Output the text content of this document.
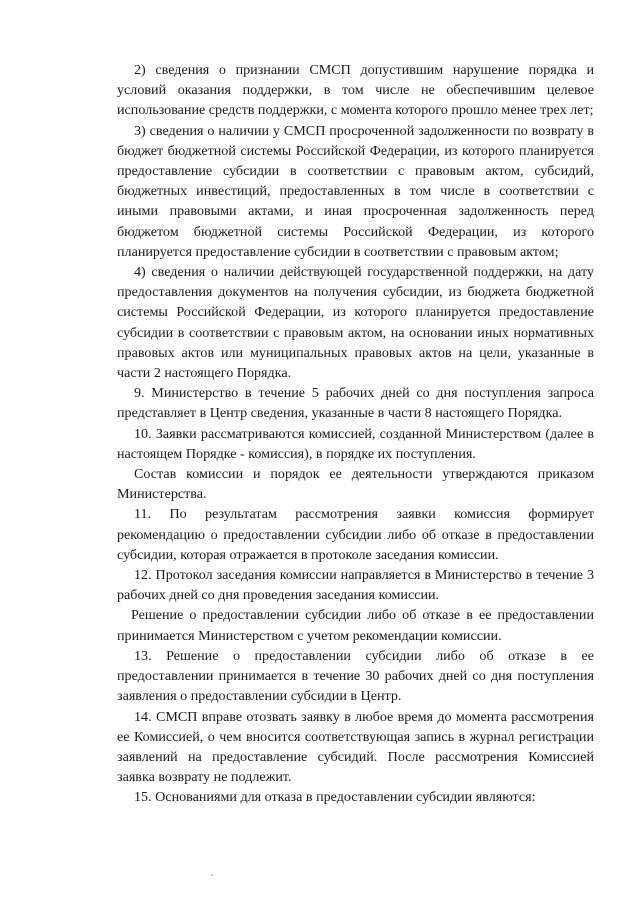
2) сведения о признании СМСП допустившим нарушение порядка и условий оказания поддержки, в том числе не обеспечившим целевое использование средств поддержки, с момента которого прошло менее трех лет;

3) сведения о наличии у СМСП просроченной задолженности по возврату в бюджет бюджетной системы Российской Федерации, из которого планируется предоставление субсидии в соответствии с правовым актом, субсидий, бюджетных инвестиций, предоставленных в том числе в соответствии с иными правовыми актами, и иная просроченная задолженность перед бюджетом бюджетной системы Российской Федерации, из которого планируется предоставление субсидии в соответствии с правовым актом;

4) сведения о наличии действующей государственной поддержки, на дату предоставления документов на получения субсидии, из бюджета бюджетной системы Российской Федерации, из которого планируется предоставление субсидии в соответствии с правовым актом, на основании иных нормативных правовых актов или муниципальных правовых актов на цели, указанные в части 2 настоящего Порядка.

9. Министерство в течение 5 рабочих дней со дня поступления запроса представляет в Центр сведения, указанные в части 8 настоящего Порядка.

10. Заявки рассматриваются комиссией, созданной Министерством (далее в настоящем Порядке - комиссия), в порядке их поступления.

Состав комиссии и порядок ее деятельности утверждаются приказом Министерства.

11. По результатам рассмотрения заявки комиссия формирует рекомендацию о предоставлении субсидии либо об отказе в предоставлении субсидии, которая отражается в протоколе заседания комиссии.

12. Протокол заседания комиссии направляется в Министерство в течение 3 рабочих дней со дня проведения заседания комиссии.

Решение о предоставлении субсидии либо об отказе в ее предоставлении принимается Министерством с учетом рекомендации комиссии.

13. Решение о предоставлении субсидии либо об отказе в ее предоставлении принимается в течение 30 рабочих дней со дня поступления заявления о предоставлении субсидии в Центр.

14. СМСП вправе отозвать заявку в любое время до момента рассмотрения ее Комиссией, о чем вносится соответствующая запись в журнал регистрации заявлений на предоставление субсидий. После рассмотрения Комиссией заявка возврату не подлежит.

15. Основаниями для отказа в предоставлении субсидии являются:
